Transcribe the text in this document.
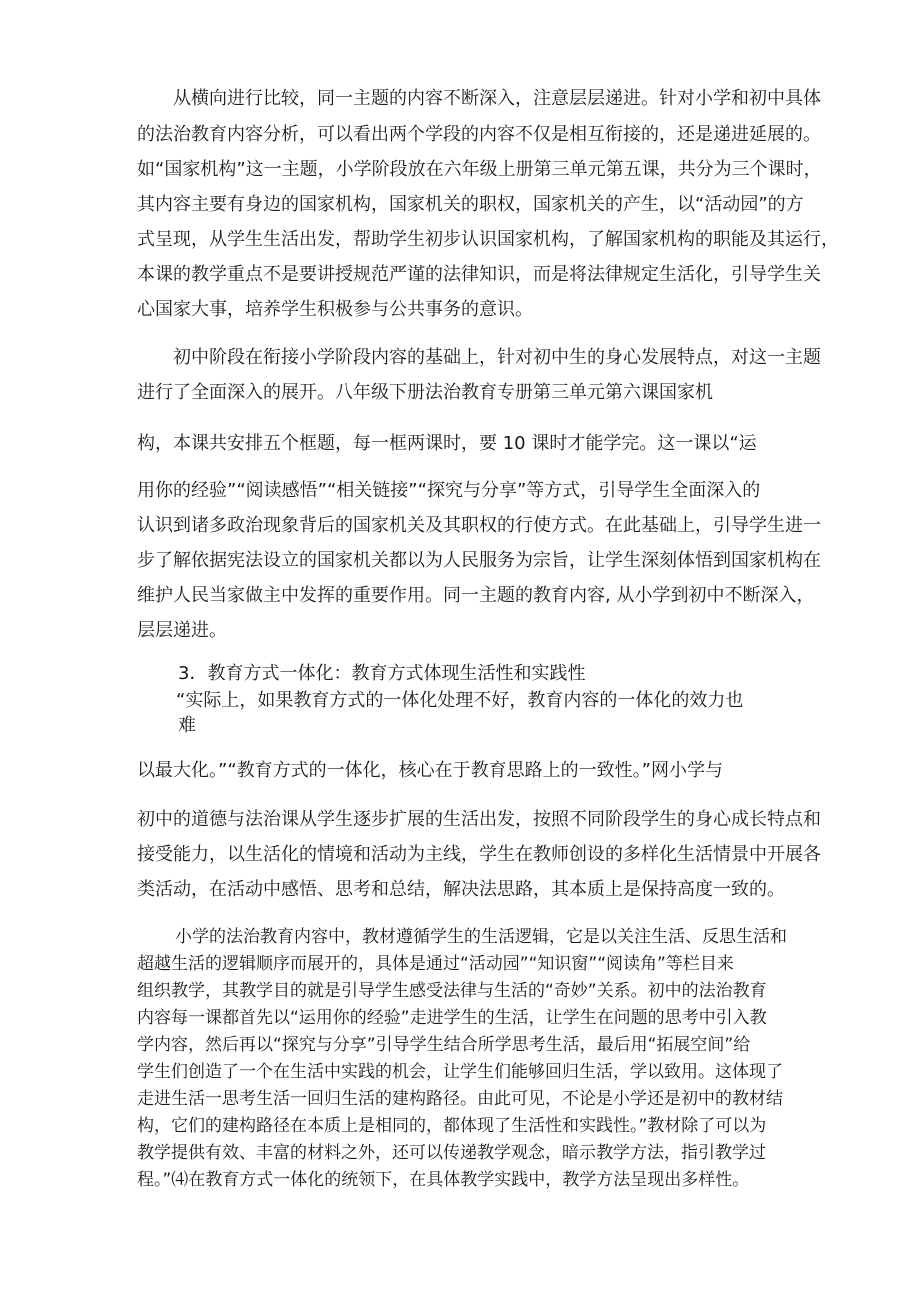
从横向进行比较，同一主题的内容不断深入，注意层层递进。针对小学和初中具体

的法治教育内容分析，可以看出两个学段的内容不仅是相互衔接的，还是递进延展的。

如“国家机构”这一主题，小学阶段放在六年级上册第三单元第五课，共分为三个课时，

其内容主要有身边的国家机构，国家机关的职权，国家机关的产生，以“活动园”的方

式呈现，从学生生活出发，帮助学生初步认识国家机构，了解国家机构的职能及其运行，

本课的教学重点不是要讲授规范严谨的法律知识，而是将法律规定生活化，引导学生关

心国家大事，培养学生积极参与公共事务的意识。

初中阶段在衔接小学阶段内容的基础上，针对初中生的身心发展特点，对这一主题

进行了全面深入的展开。八年级下册法治教育专册第三单元第六课国家机

构，本课共安排五个框题，每一框两课时，要 10 课时才能学完。这一课以“运

用你的经验”“阅读感悟”“相关链接”“探究与分享”等方式，引导学生全面深入的

认识到诸多政治现象背后的国家机关及其职权的行使方式。在此基础上，引导学生进一

步了解依据宪法设立的国家机关都以为人民服务为宗旨，让学生深刻体悟到国家机构在

维护人民当家做主中发挥的重要作用。同一主题的教育内容, 从小学到初中不断深入，

层层递进。

3．教育方式一体化：教育方式体现生活性和实践性

“实际上，如果教育方式的一体化处理不好，教育内容的一体化的效力也

难

以最大化。”“教育方式的一体化，核心在于教育思路上的一致性。”网小学与

初中的道德与法治课从学生逐步扩展的生活出发，按照不同阶段学生的身心成长特点和

接受能力，以生活化的情境和活动为主线，学生在教师创设的多样化生活情景中开展各

类活动，在活动中感悟、思考和总结，解决法思路，其本质上是保持高度一致的。

小学的法治教育内容中，教材遵循学生的生活逻辑，它是以关注生活、反思生活和

超越生活的逻辑顺序而展开的，具体是通过“活动园”“知识窗”“阅读角”等栏目来

组织教学，其教学目的就是引导学生感受法律与生活的“奇妙”关系。初中的法治教育

内容每一课都首先以“运用你的经验”走进学生的生活，让学生在问题的思考中引入教

学内容，然后再以“探究与分享”引导学生结合所学思考生活，最后用“拓展空间”给

学生们创造了一个在生活中实践的机会，让学生们能够回归生活，学以致用。这体现了

走进生活一思考生活一回归生活的建构路径。由此可见，不论是小学还是初中的教材结

构，它们的建构路径在本质上是相同的，都体现了生活性和实践性。”教材除了可以为

教学提供有效、丰富的材料之外，还可以传递教学观念，暗示教学方法，指引教学过

程。”⑷在教育方式一体化的统领下，在具体教学实践中，教学方法呈现出多样性。
